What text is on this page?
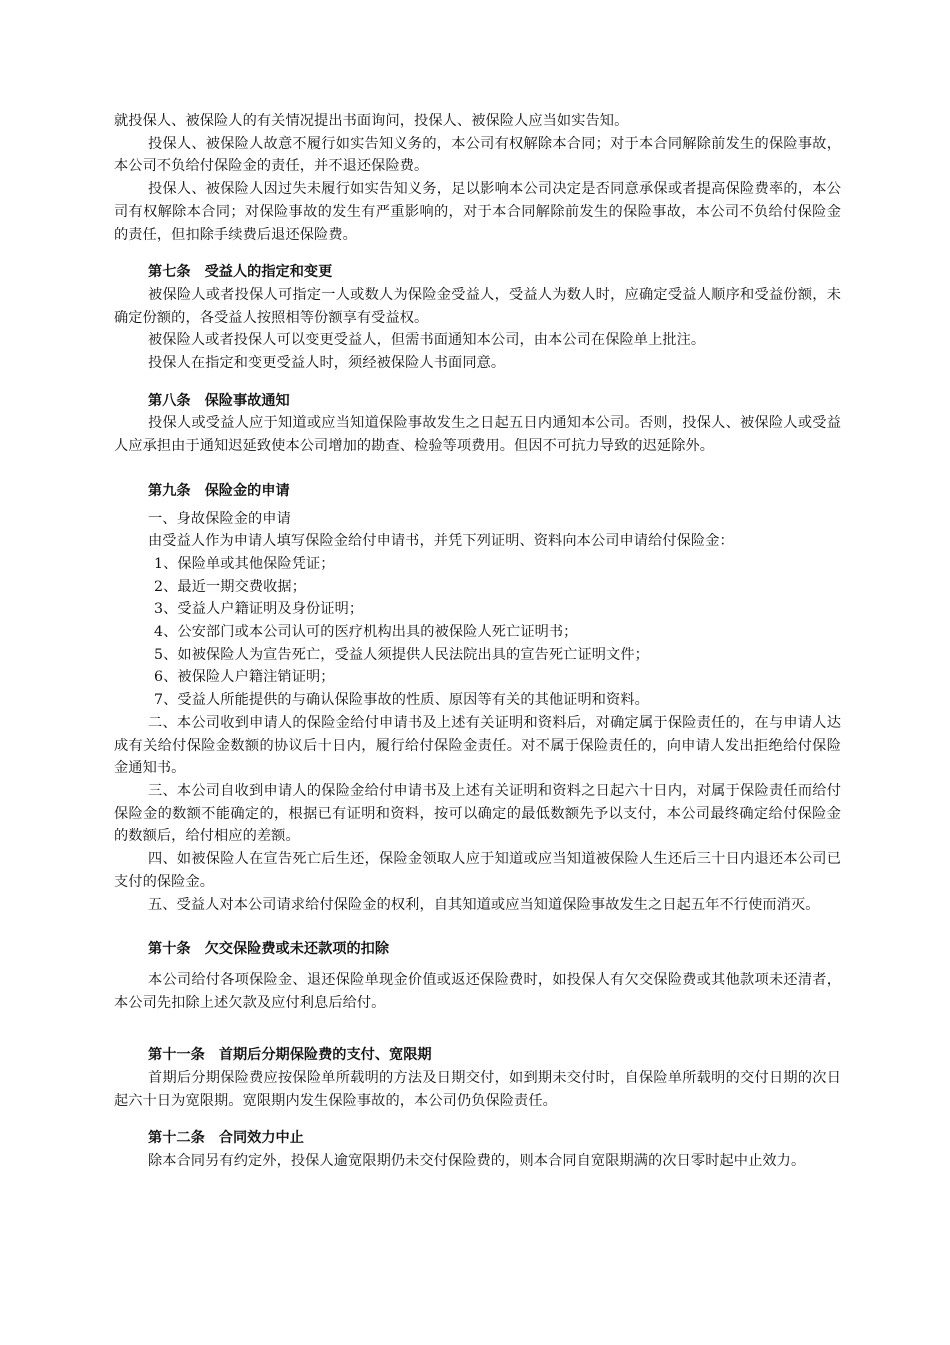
就投保人、被保险人的有关情况提出书面询问，投保人、被保险人应当如实告知。

投保人、被保险人故意不履行如实告知义务的，本公司有权解除本合同；对于本合同解除前发生的保险事故，本公司不负给付保险金的责任，并不退还保险费。

投保人、被保险人因过失未履行如实告知义务，足以影响本公司决定是否同意承保或者提高保险费率的，本公司有权解除本合同；对保险事故的发生有严重影响的，对于本合同解除前发生的保险事故，本公司不负给付保险金的责任，但扣除手续费后退还保险费。

第七条 受益人的指定和变更

被保险人或者投保人可指定一人或数人为保险金受益人，受益人为数人时，应确定受益人顺序和受益份额，未确定份额的，各受益人按照相等份额享有受益权。

被保险人或者投保人可以变更受益人，但需书面通知本公司，由本公司在保险单上批注。

投保人在指定和变更受益人时，须经被保险人书面同意。

第八条 保险事故通知

投保人或受益人应于知道或应当知道保险事故发生之日起五日内通知本公司。否则，投保人、被保险人或受益人应承担由于通知迟延致使本公司增加的勘查、检验等项费用。但因不可抗力导致的迟延除外。

第九条 保险金的申请

一、身故保险金的申请

由受益人作为申请人填写保险金给付申请书，并凭下列证明、资料向本公司申请给付保险金：

1、保险单或其他保险凭证；

2、最近一期交费收据；

3、受益人户籍证明及身份证明；

4、公安部门或本公司认可的医疗机构出具的被保险人死亡证明书；

5、如被保险人为宣告死亡，受益人须提供人民法院出具的宣告死亡证明文件；

6、被保险人户籍注销证明；

7、受益人所能提供的与确认保险事故的性质、原因等有关的其他证明和资料。

二、本公司收到申请人的保险金给付申请书及上述有关证明和资料后，对确定属于保险责任的，在与申请人达成有关给付保险金数额的协议后十日内，履行给付保险金责任。对不属于保险责任的，向申请人发出拒绝给付保险金通知书。

三、本公司自收到申请人的保险金给付申请书及上述有关证明和资料之日起六十日内，对属于保险责任而给付保险金的数额不能确定的，根据已有证明和资料，按可以确定的最低数额先予以支付，本公司最终确定给付保险金的数额后，给付相应的差额。

四、如被保险人在宣告死亡后生还，保险金领取人应于知道或应当知道被保险人生还后三十日内退还本公司已支付的保险金。

五、受益人对本公司请求给付保险金的权利，自其知道或应当知道保险事故发生之日起五年不行使而消灭。

第十条 欠交保险费或未还款项的扣除

本公司给付各项保险金、退还保险单现金价值或返还保险费时，如投保人有欠交保险费或其他款项未还清者，本公司先扣除上述欠款及应付利息后给付。

第十一条 首期后分期保险费的支付、宽限期

首期后分期保险费应按保险单所载明的方法及日期交付，如到期未交付时，自保险单所载明的交付日期的次日起六十日为宽限期。宽限期内发生保险事故的，本公司仍负保险责任。

第十二条 合同效力中止

除本合同另有约定外，投保人逾宽限期仍未交付保险费的，则本合同自宽限期满的次日零时起中止效力。
